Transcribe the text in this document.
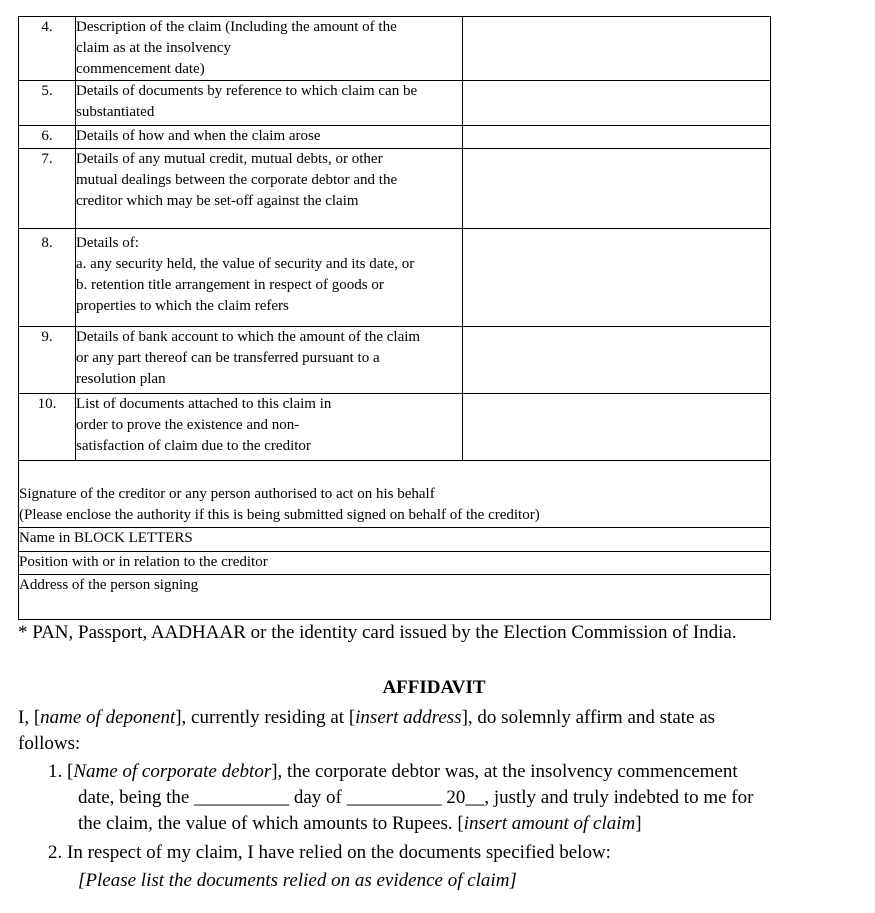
4.	Description of the claim (Including the amount of the
claim as at the insolvency
commencement date)	

5.	Details of documents by reference to which claim can be
substantiated	

6.	Details of how and when the claim arose	

7.	Details of any mutual credit, mutual debts, or other
mutual dealings between the corporate debtor and the
creditor which may be set-off against the claim	

8.	Details of:
a. any security held, the value of security and its date, or
b. retention title arrangement in respect of goods or
properties to which the claim refers	

9.	Details of bank account to which the amount of the claim
or any part thereof can be transferred pursuant to a
resolution plan	

10.	List of documents attached to this claim in
order to prove the existence and non-
satisfaction of claim due to the creditor	

Signature of the creditor or any person authorised to act on his behalf
(Please enclose the authority if this is being submitted signed on behalf of the creditor)		

Name in BLOCK LETTERS		
Position with or in relation to the creditor		
Address of the person signing		
* PAN, Passport, AADHAAR or the identity card issued by the Election Commission of India.
AFFIDAVIT
I, [name of deponent], currently residing at [insert address], do solemnly affirm and state as
follows:
1. [Name of corporate debtor], the corporate debtor was, at the insolvency commencement
date, being the __________ day of __________ 20__, justly and truly indebted to me for
the claim, the value of which amounts to Rupees. [insert amount of claim]
2. In respect of my claim, I have relied on the documents specified below:
[Please list the documents relied on as evidence of claim]
